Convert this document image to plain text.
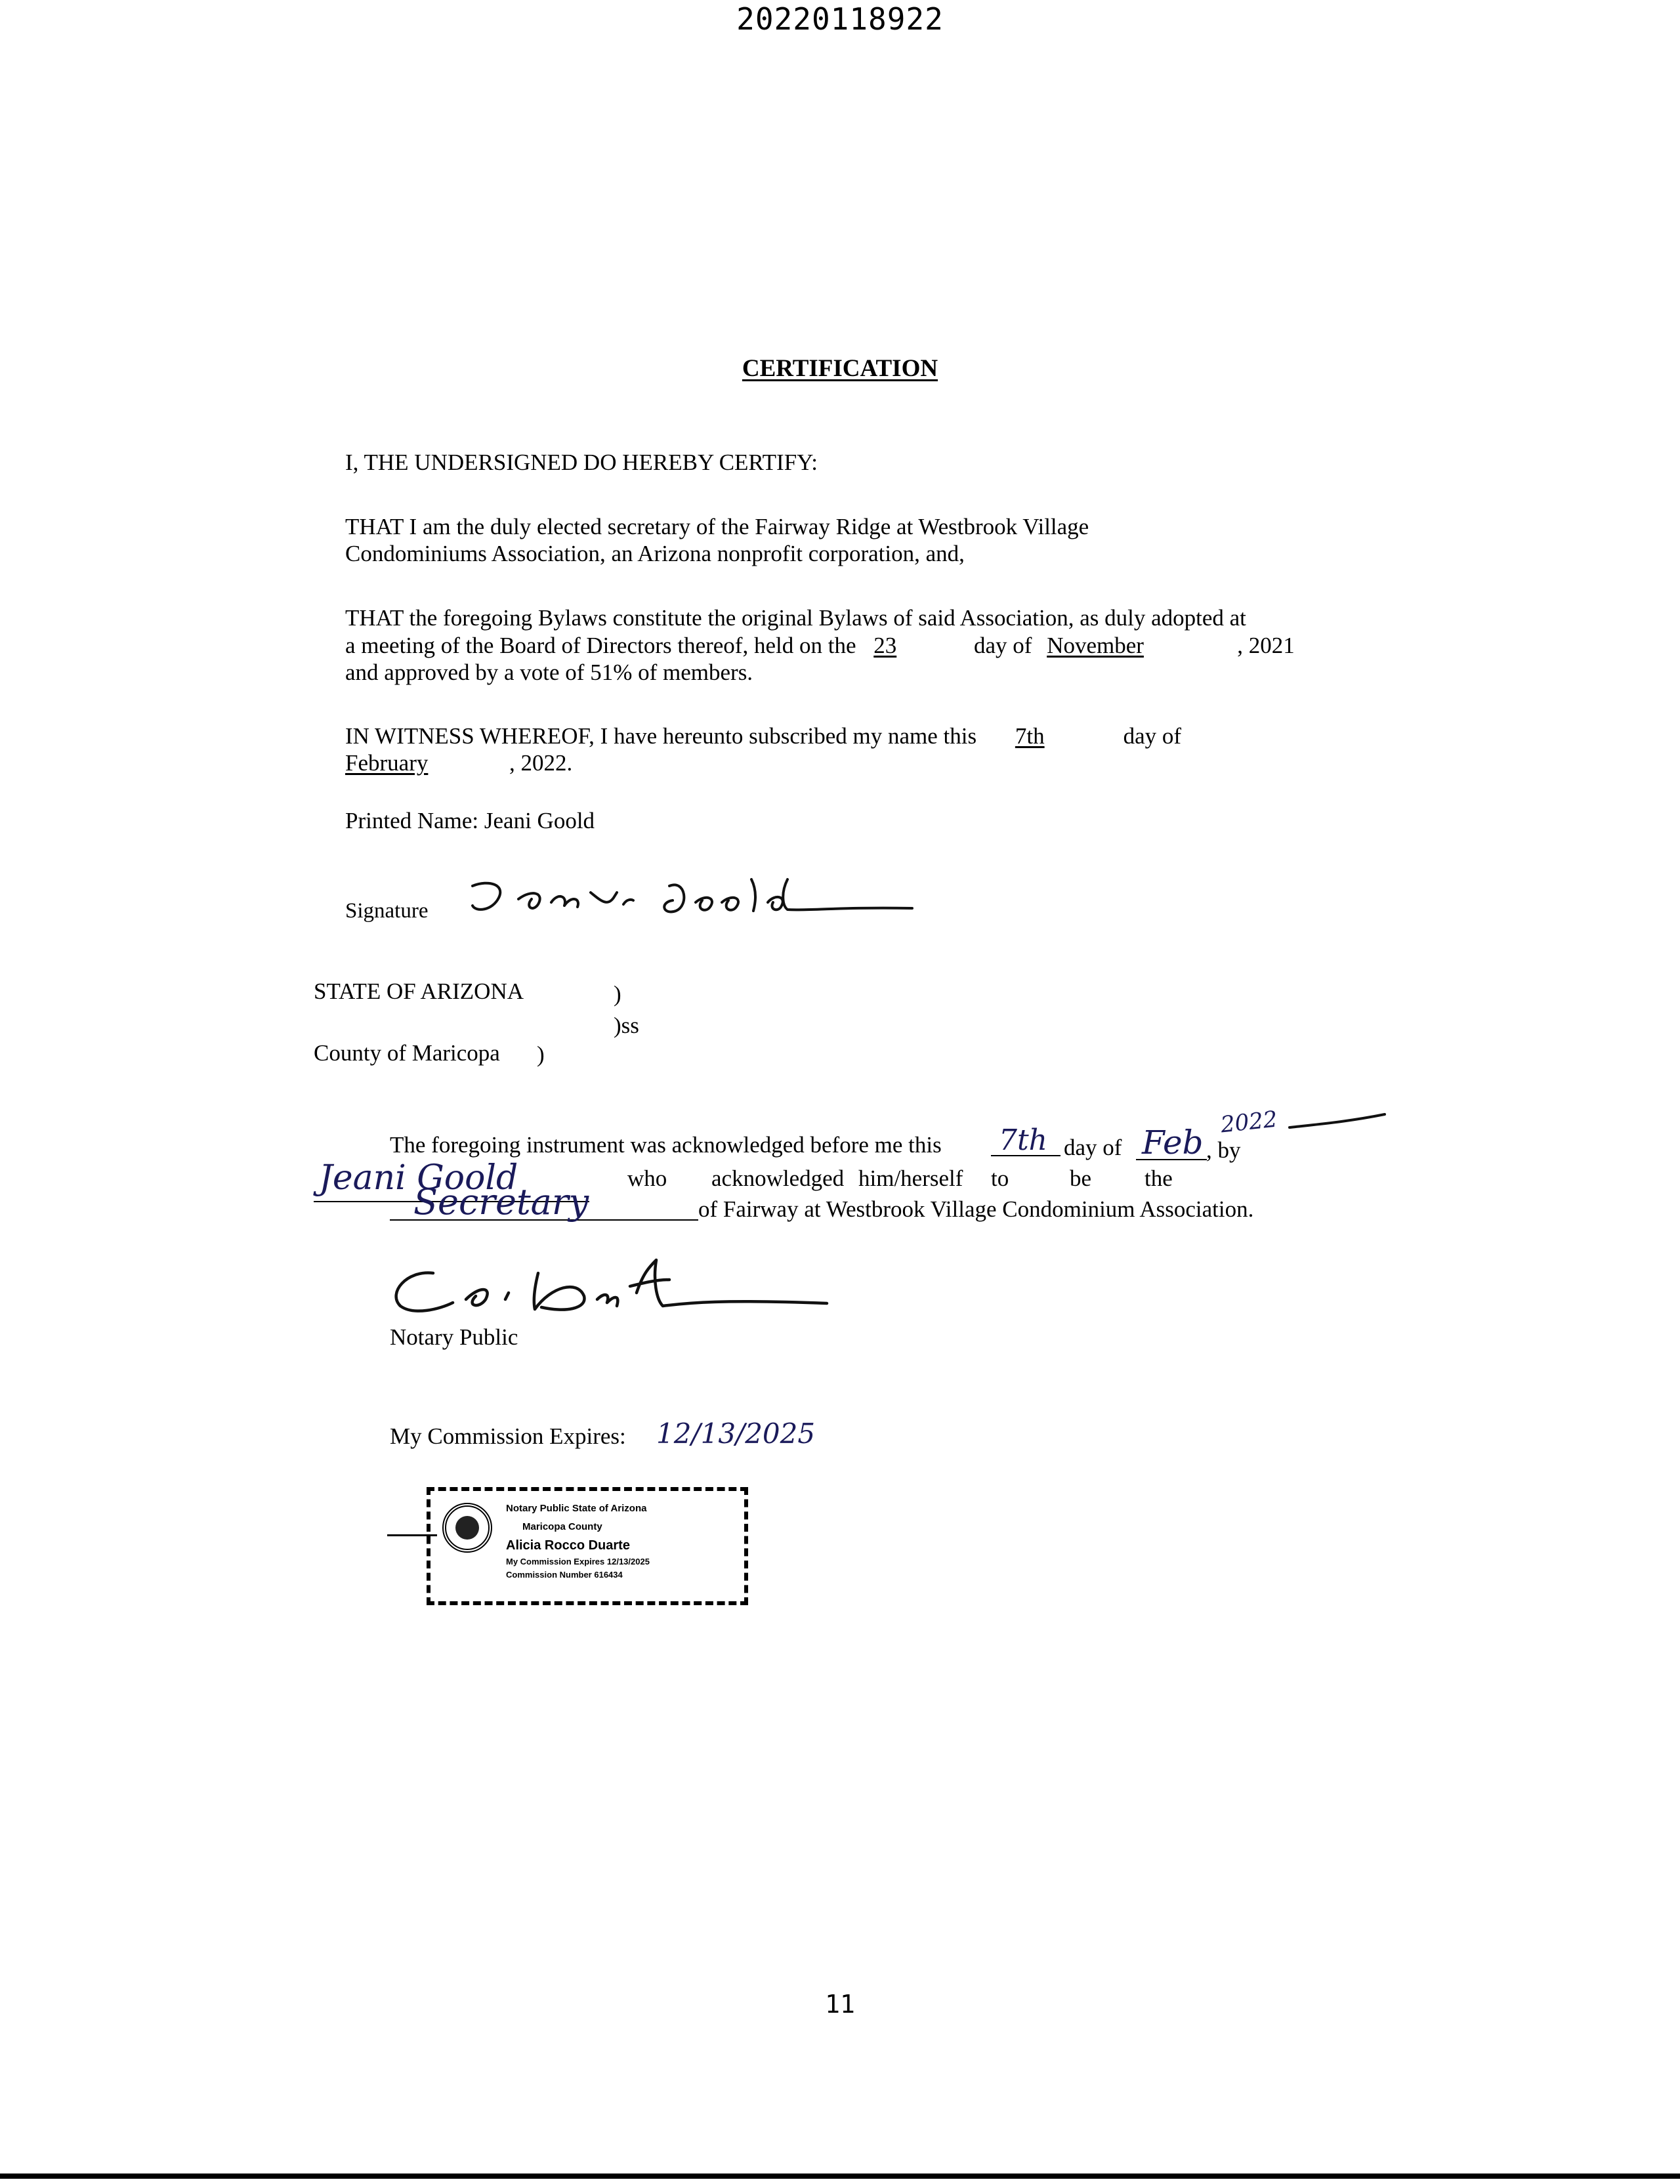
20220118922
CERTIFICATION
I, THE UNDERSIGNED DO HEREBY CERTIFY:
THAT I am the duly elected secretary of the Fairway Ridge at Westbrook Village
Condominiums Association, an Arizona nonprofit corporation, and,
THAT the foregoing Bylaws constitute the original Bylaws of said Association, as duly adopted at
a meeting of the Board of Directors thereof, held on the 23	day of November	, 2021
and approved by a vote of 51% of members.
IN WITNESS WHEREOF, I have hereunto subscribed my name this 7th	day of
February	, 2022.
Printed Name: Jeani Goold
Signature
STATE OF ARIZONA	)
)ss
County of Maricopa )
The foregoing instrument was acknowledged before me this 7th day of Feb
2022
, by
Jeani Goold	who acknowledged him/herself to	be the
Secretary	of Fairway at Westbrook Village Condominium Association.
Notary Public
My Commission Expires: 12/13/2025
Notary Public State of Arizona
Maricopa County
Alicia Rocco Duarte
My Commission Expires 12/13/2025
Commission Number 616434
11
